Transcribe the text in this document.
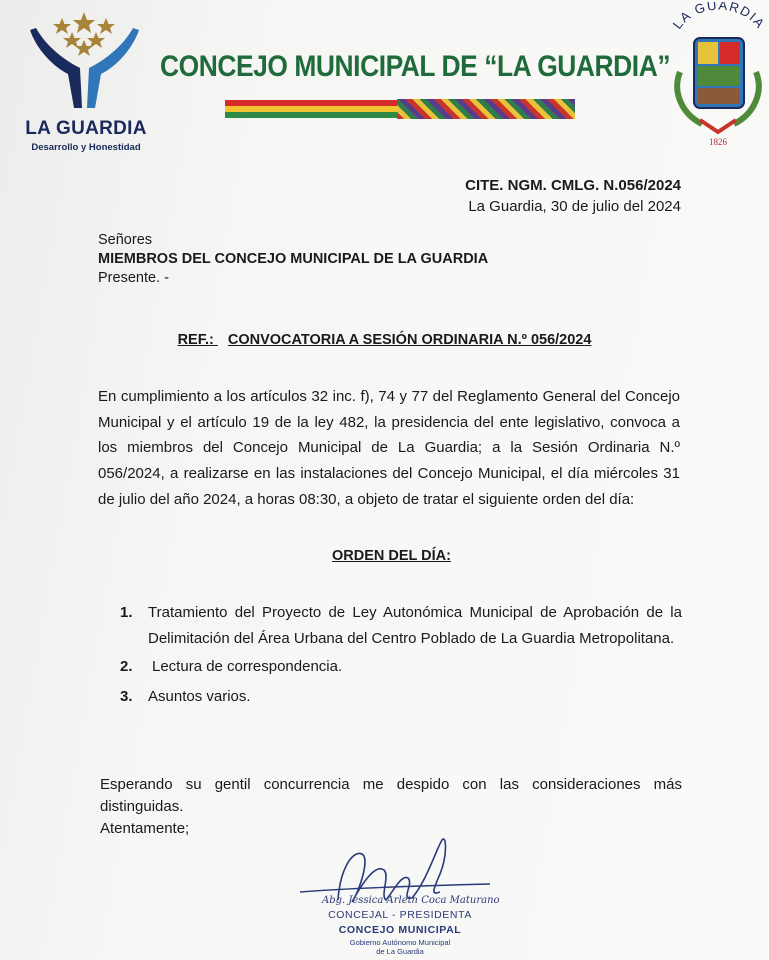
LA GUARDIA
Desarrollo y Honestidad
CONCEJO MUNICIPAL DE “LA GUARDIA”
LA GUARDIA
1826
CITE. NGM. CMLG. N.056/2024
La Guardia, 30 de julio del 2024
Señores
MIEMBROS DEL CONCEJO MUNICIPAL DE LA GUARDIA
Presente. -
REF.: CONVOCATORIA A SESIÓN ORDINARIA N.º 056/2024
En cumplimiento a los artículos 32 inc. f), 74 y 77 del Reglamento General del Concejo Municipal y el artículo 19 de la ley 482, la presidencia del ente legislativo, convoca a los miembros del Concejo Municipal de La Guardia; a la Sesión Ordinaria N.º 056/2024, a realizarse en las instalaciones del Concejo Municipal, el día miércoles 31 de julio del año 2024, a horas 08:30, a objeto de tratar el siguiente orden del día:
ORDEN DEL DÍA:
1. Tratamiento del Proyecto de Ley Autonómica Municipal de Aprobación de la Delimitación del Área Urbana del Centro Poblado de La Guardia Metropolitana.
2. Lectura de correspondencia.
3. Asuntos varios.
Esperando su gentil concurrencia me despido con las consideraciones más distinguidas.
Atentamente;
Abg. Jessica Arleth Coca Maturano
CONCEJAL - PRESIDENTA
CONCEJO MUNICIPAL
Gobierno Autónomo Municipal
de La Guardia
